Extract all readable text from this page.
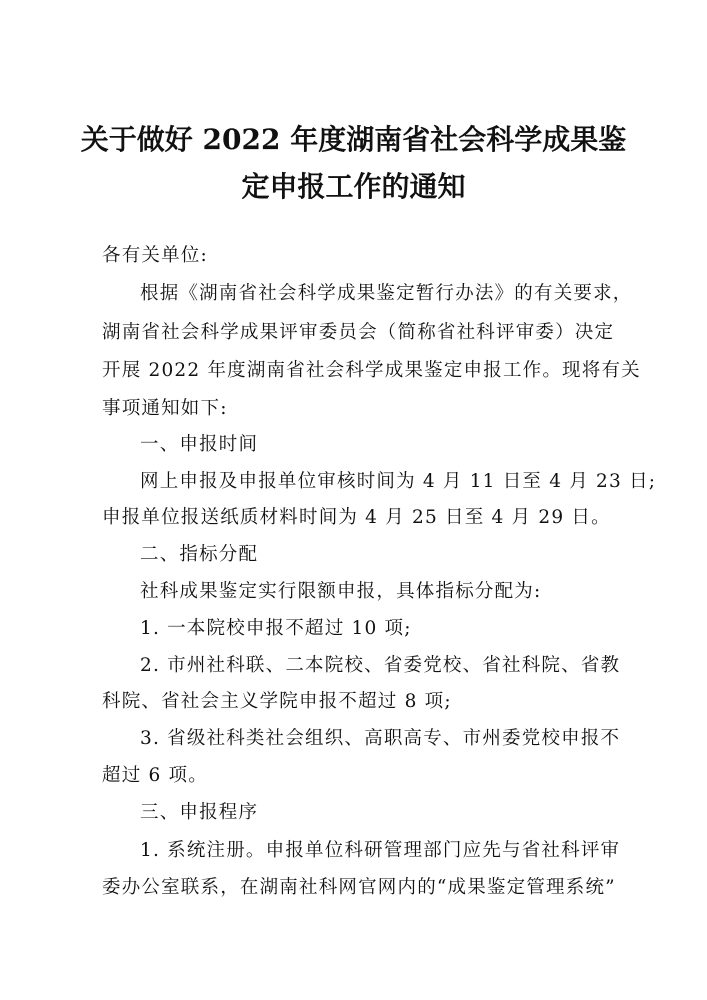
关于做好 2022 年度湖南省社会科学成果鉴
定申报工作的通知
各有关单位:
根据《湖南省社会科学成果鉴定暂行办法》的有关要求，
湖南省社会科学成果评审委员会（简称省社科评审委）决定
开展 2022 年度湖南省社会科学成果鉴定申报工作。现将有关
事项通知如下:
一、申报时间
网上申报及申报单位审核时间为 4 月 11 日至 4 月 23 日;
申报单位报送纸质材料时间为 4 月 25 日至 4 月 29 日。
二、指标分配
社科成果鉴定实行限额申报，具体指标分配为:
1. 一本院校申报不超过 10 项;
2. 市州社科联、二本院校、省委党校、省社科院、省教
科院、省社会主义学院申报不超过 8 项;
3. 省级社科类社会组织、高职高专、市州委党校申报不
超过 6 项。
三、申报程序
1. 系统注册。申报单位科研管理部门应先与省社科评审
委办公室联系，在湖南社科网官网内的“成果鉴定管理系统”
